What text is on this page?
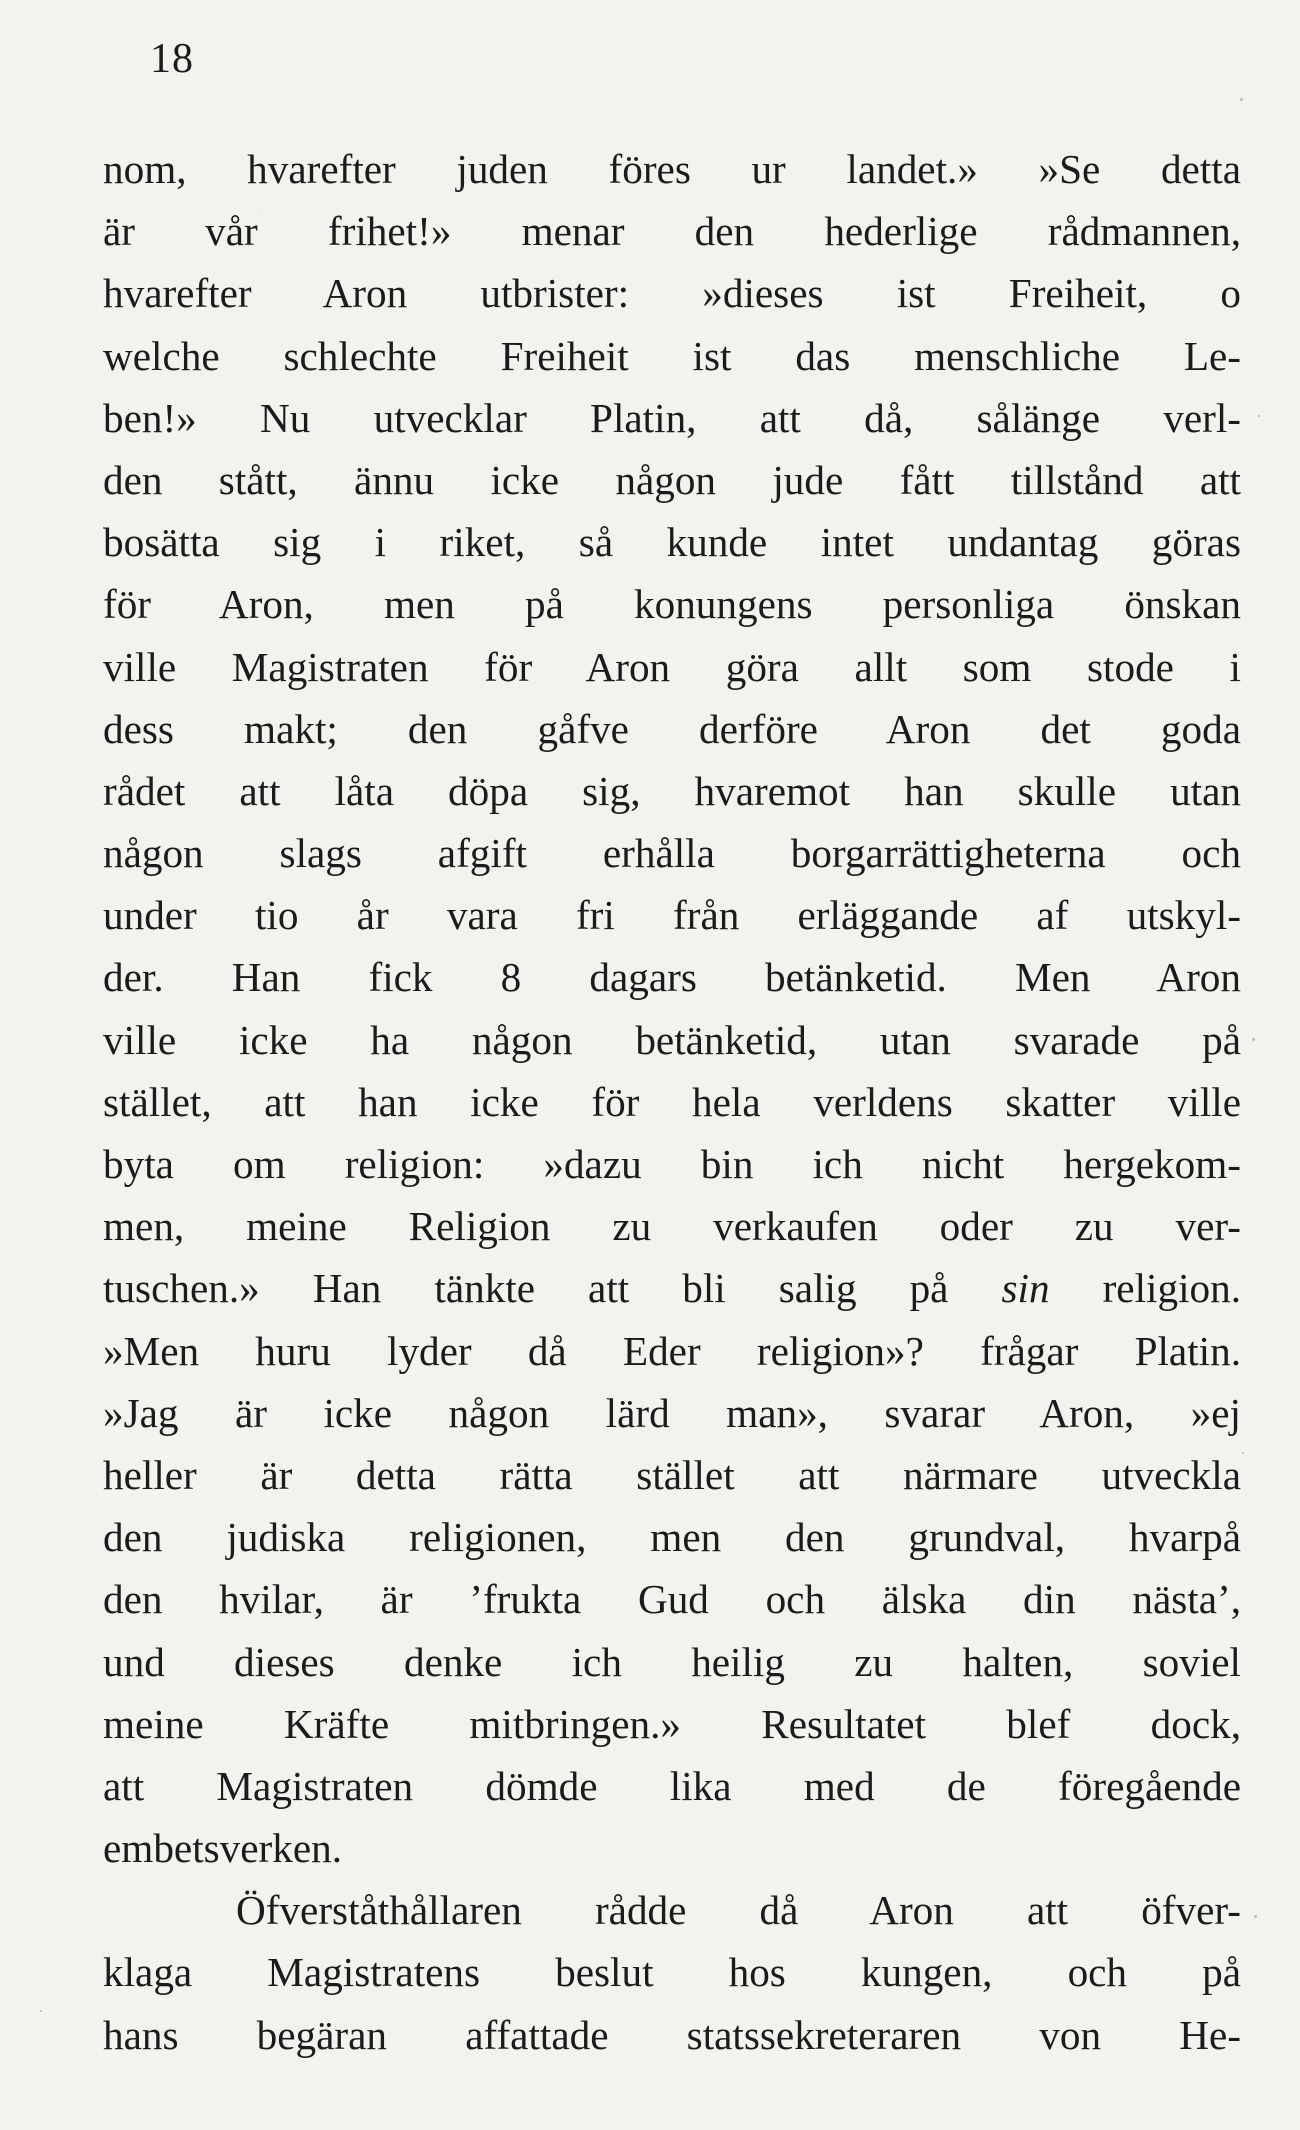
18
nom, hvarefter juden föres ur landet.» »Se detta
är vår frihet!» menar den hederlige rådmannen,
hvarefter Aron utbrister: »dieses ist Freiheit, o
welche schlechte Freiheit ist das menschliche Le-
ben!» Nu utvecklar Platin, att då, sålänge verl-
den stått, ännu icke någon jude fått tillstånd att
bosätta sig i riket, så kunde intet undantag göras
för Aron, men på konungens personliga önskan
ville Magistraten för Aron göra allt som stode i
dess makt; den gåfve derföre Aron det goda
rådet att låta döpa sig, hvaremot han skulle utan
någon slags afgift erhålla borgarrättigheterna och
under tio år vara fri från erläggande af utskyl-
der. Han fick 8 dagars betänketid. Men Aron
ville icke ha någon betänketid, utan svarade på
stället, att han icke för hela verldens skatter ville
byta om religion: »dazu bin ich nicht hergekom-
men, meine Religion zu verkaufen oder zu ver-
tuschen.» Han tänkte att bli salig på sin religion.
»Men huru lyder då Eder religion»? frågar Platin.
»Jag är icke någon lärd man», svarar Aron, »ej
heller är detta rätta stället att närmare utveckla
den judiska religionen, men den grundval, hvarpå
den hvilar, är ’frukta Gud och älska din nästa’,
und dieses denke ich heilig zu halten, soviel
meine Kräfte mitbringen.» Resultatet blef dock,
att Magistraten dömde lika med de föregående
embetsverken.
Öfverståthållaren rådde då Aron att öfver-
klaga Magistratens beslut hos kungen, och på
hans begäran affattade statssekreteraren von He-
